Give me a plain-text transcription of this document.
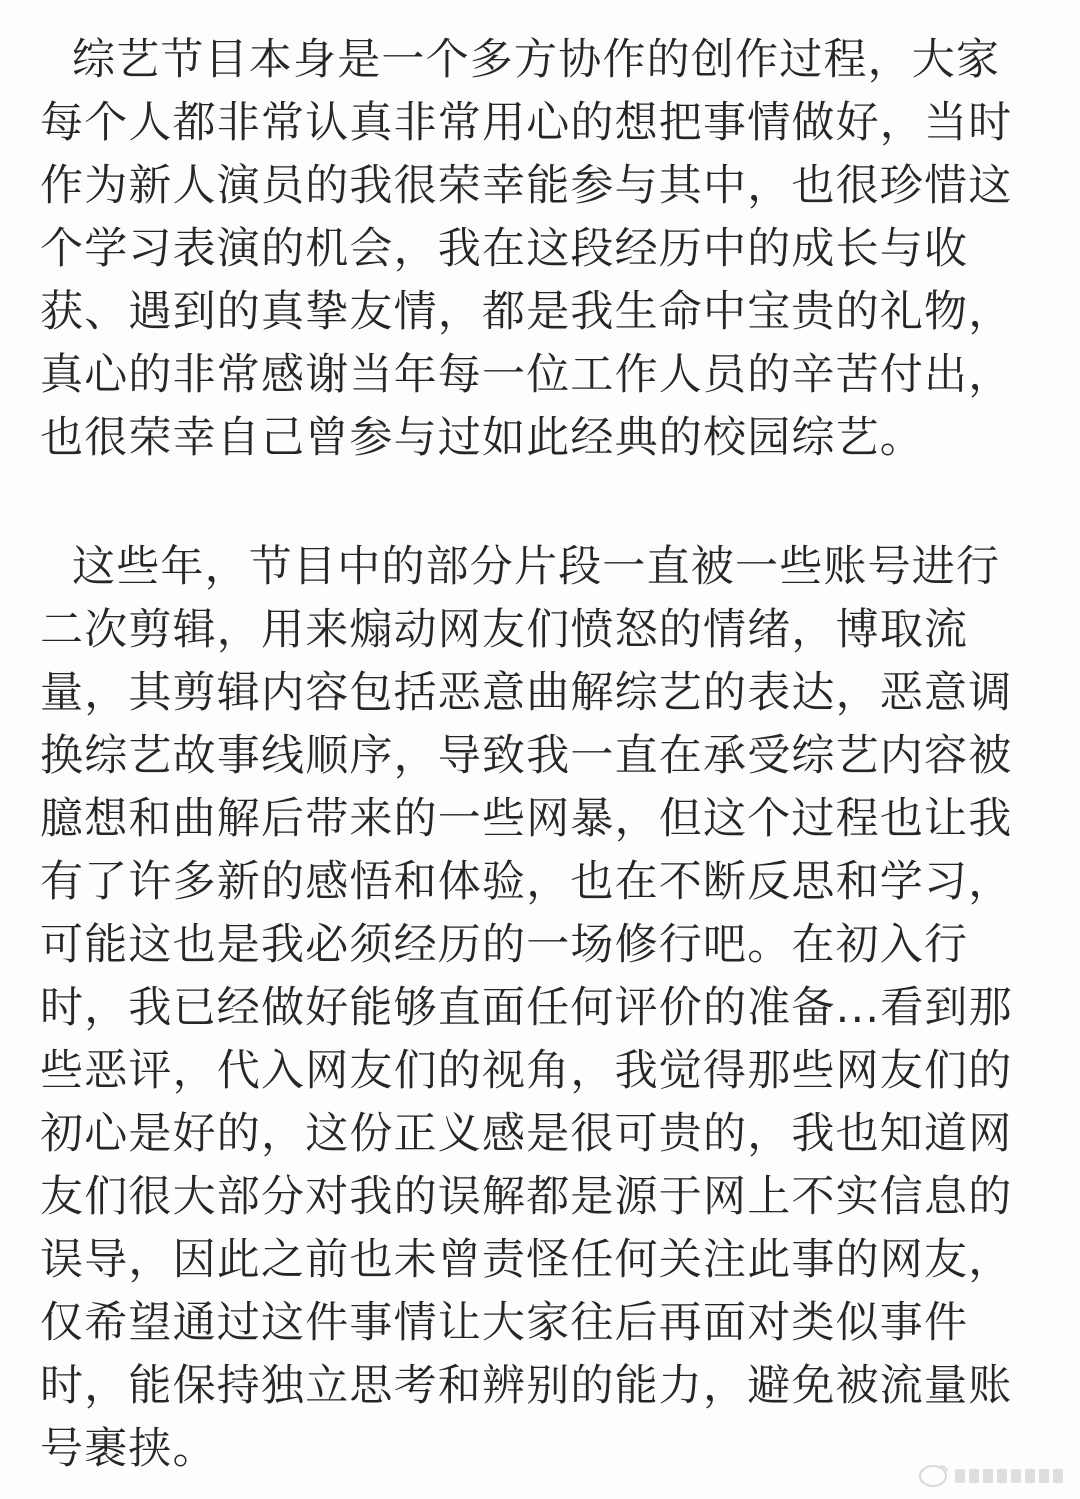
综艺节目本身是一个多方协作的创作过程，大家
每个人都非常认真非常用心的想把事情做好，当时
作为新人演员的我很荣幸能参与其中，也很珍惜这
个学习表演的机会，我在这段经历中的成长与收
获、遇到的真挚友情，都是我生命中宝贵的礼物，
真心的非常感谢当年每一位工作人员的辛苦付出，
也很荣幸自己曾参与过如此经典的校园综艺。
这些年，节目中的部分片段一直被一些账号进行
二次剪辑，用来煽动网友们愤怒的情绪，博取流
量，其剪辑内容包括恶意曲解综艺的表达，恶意调
换综艺故事线顺序，导致我一直在承受综艺内容被
臆想和曲解后带来的一些网暴，但这个过程也让我
有了许多新的感悟和体验，也在不断反思和学习，
可能这也是我必须经历的一场修行吧。在初入行
时，我已经做好能够直面任何评价的准备...看到那
些恶评，代入网友们的视角，我觉得那些网友们的
初心是好的，这份正义感是很可贵的，我也知道网
友们很大部分对我的误解都是源于网上不实信息的
误导，因此之前也未曾责怪任何关注此事的网友，
仅希望通过这件事情让大家往后再面对类似事件
时，能保持独立思考和辨别的能力，避免被流量账
号裹挟。
